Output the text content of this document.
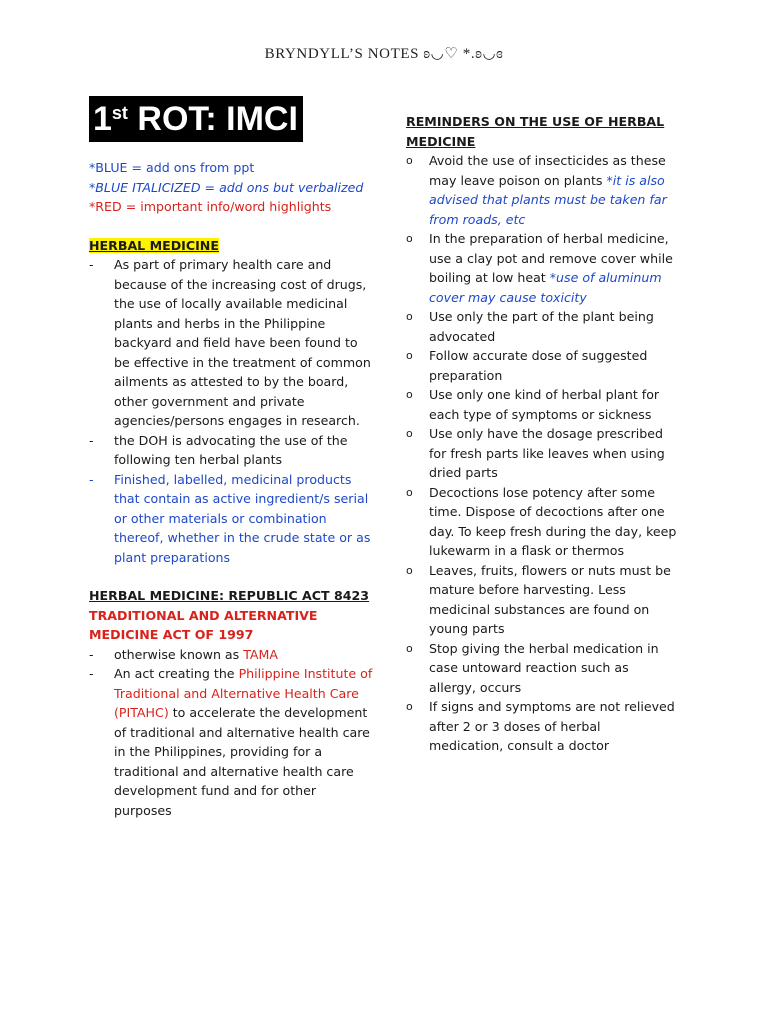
BRYNDYLL’S NOTES ʚ◡♡ *.ʚ◡ɞ
1st ROT: IMCI
*BLUE = add ons from ppt
*BLUE ITALICIZED = add ons but verbalized
*RED = important info/word highlights
HERBAL MEDICINE
- As part of primary health care and because of the increasing cost of drugs, the use of locally available medicinal plants and herbs in the Philippine backyard and field have been found to be effective in the treatment of common ailments as attested to by the board, other government and private agencies/persons engages in research.
- the DOH is advocating the use of the following ten herbal plants
- Finished, labelled, medicinal products that contain as active ingredient/s serial or other materials or combination thereof, whether in the crude state or as plant preparations
HERBAL MEDICINE: REPUBLIC ACT 8423
TRADITIONAL AND ALTERNATIVE MEDICINE ACT OF 1997
- otherwise known as TAMA
- An act creating the Philippine Institute of Traditional and Alternative Health Care (PITAHC) to accelerate the development of traditional and alternative health care in the Philippines, providing for a traditional and alternative health care development fund and for other purposes
REMINDERS ON THE USE OF HERBAL MEDICINE
o Avoid the use of insecticides as these may leave poison on plants *it is also advised that plants must be taken far from roads, etc
o In the preparation of herbal medicine, use a clay pot and remove cover while boiling at low heat *use of aluminum cover may cause toxicity
o Use only the part of the plant being advocated
o Follow accurate dose of suggested preparation
o Use only one kind of herbal plant for each type of symptoms or sickness
o Use only have the dosage prescribed for fresh parts like leaves when using dried parts
o Decoctions lose potency after some time. Dispose of decoctions after one day. To keep fresh during the day, keep lukewarm in a flask or thermos
o Leaves, fruits, flowers or nuts must be mature before harvesting. Less medicinal substances are found on young parts
o Stop giving the herbal medication in case untoward reaction such as allergy, occurs
o If signs and symptoms are not relieved after 2 or 3 doses of herbal medication, consult a doctor
